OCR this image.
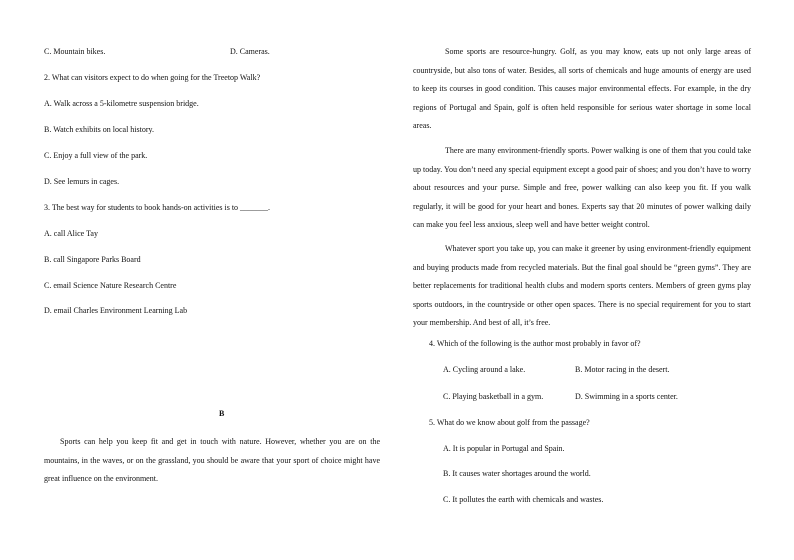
C. Mountain bikes.	D. Cameras.
2. What can visitors expect to do when going for the Treetop Walk?
A. Walk across a 5-kilometre suspension bridge.
B. Watch exhibits on local history.
C. Enjoy a full view of the park.
D. See lemurs in cages.
3. The best way for students to book hands-on activities is to _______.
A. call Alice Tay
B. call Singapore Parks Board
C. email Science Nature Research Centre
D. email Charles Environment Learning Lab
B
Sports can help you keep fit and get in touch with nature. However, whether you are on the mountains, in the waves, or on the grassland, you should be aware that your sport of choice might have great influence on the environment.
Some sports are resource-hungry. Golf, as you may know, eats up not only large areas of countryside, but also tons of water. Besides, all sorts of chemicals and huge amounts of energy are used to keep its courses in good condition. This causes major environmental effects. For example, in the dry regions of Portugal and Spain, golf is often held responsible for serious water shortage in some local areas.
There are many environment-friendly sports. Power walking is one of them that you could take up today. You don’t need any special equipment except a good pair of shoes; and you don’t have to worry about resources and your purse. Simple and free, power walking can also keep you fit. If you walk regularly, it will be good for your heart and bones. Experts say that 20 minutes of power walking daily can make you feel less anxious, sleep well and have better weight control.
Whatever sport you take up, you can make it greener by using environment-friendly equipment and buying products made from recycled materials. But the final goal should be “green gyms”. They are better replacements for traditional health clubs and modern sports centers. Members of green gyms play sports outdoors, in the countryside or other open spaces. There is no special requirement for you to start your membership. And best of all, it’s free.
4. Which of the following is the author most probably in favor of?
A. Cycling around a lake.	B. Motor racing in the desert.
C. Playing basketball in a gym.	D. Swimming in a sports center.
5. What do we know about golf from the passage?
A. It is popular in Portugal and Spain.
B. It causes water shortages around the world.
C. It pollutes the earth with chemicals and wastes.
